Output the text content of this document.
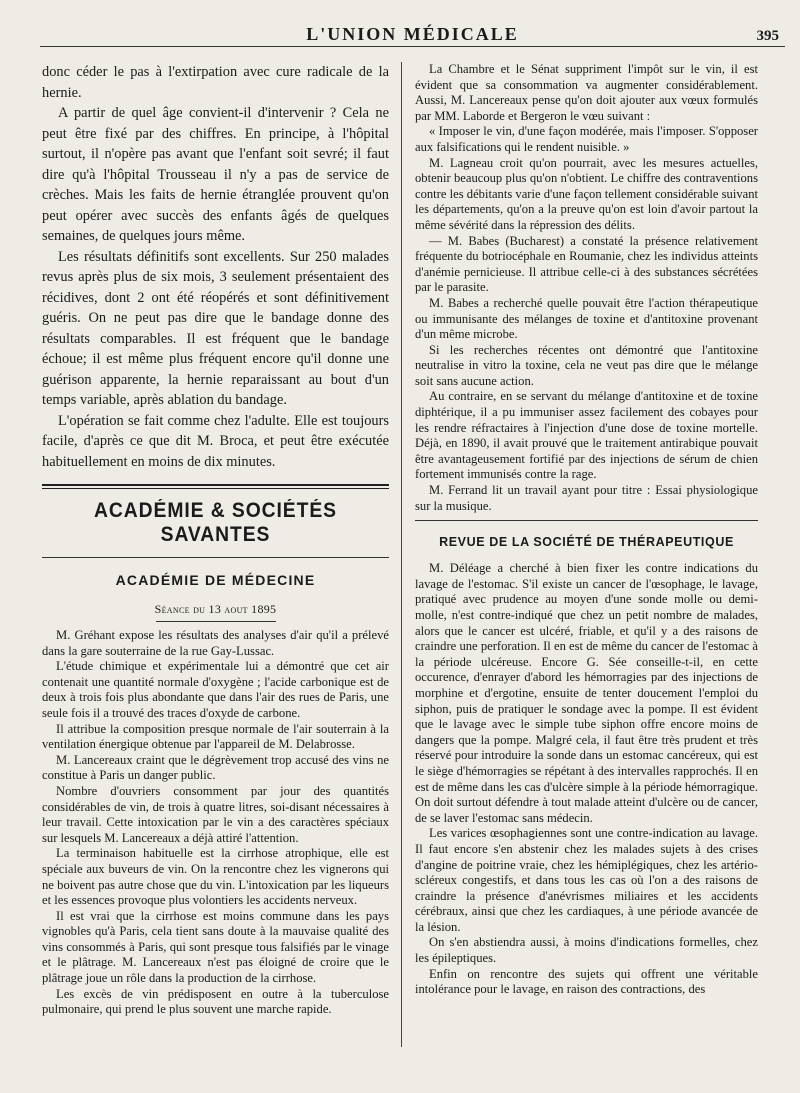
L'UNION MÉDICALE	395

donc céder le pas à l'extirpation avec cure radicale de la hernie.

A partir de quel âge convient-il d'intervenir ? Cela ne peut être fixé par des chiffres. En principe, à l'hôpital surtout, il n'opère pas avant que l'enfant soit sevré; il faut dire qu'à l'hôpital Trousseau il n'y a pas de service de crèches. Mais les faits de hernie étranglée prouvent qu'on peut opérer avec succès des enfants âgés de quelques semaines, de quelques jours même.

Les résultats définitifs sont excellents. Sur 250 malades revus après plus de six mois, 3 seulement présentaient des récidives, dont 2 ont été réopérés et sont définitivement guéris. On ne peut pas dire que le bandage donne des résultats comparables. Il est fréquent que le bandage échoue; il est même plus fréquent encore qu'il donne une guérison apparente, la hernie reparaissant au bout d'un temps variable, après ablation du bandage.

L'opération se fait comme chez l'adulte. Elle est toujours facile, d'après ce que dit M. Broca, et peut être exécutée habituellement en moins de dix minutes.

ACADÉMIE & SOCIÉTÉS SAVANTES
ACADÉMIE DE MÉDECINE
Séance du 13 aout 1895

M. Gréhant expose les résultats des analyses d'air qu'il a prélevé dans la gare souterraine de la rue Gay-Lussac.

L'étude chimique et expérimentale lui a démontré que cet air contenait une quantité normale d'oxygène ; l'acide carbonique est de deux à trois fois plus abondante que dans l'air des rues de Paris, une seule fois il a trouvé des traces d'oxyde de carbone.

Il attribue la composition presque normale de l'air souterrain à la ventilation énergique obtenue par l'appareil de M. Delabrosse.

M. Lancereaux craint que le dégrèvement trop accusé des vins ne constitue à Paris un danger public.

Nombre d'ouvriers consomment par jour des quantités considérables de vin, de trois à quatre litres, soi-disant nécessaires à leur travail. Cette intoxication par le vin a des caractères spéciaux sur lesquels M. Lancereaux a déjà attiré l'attention.

La terminaison habituelle est la cirrhose atrophique, elle est spéciale aux buveurs de vin. On la rencontre chez les vignerons qui ne boivent pas autre chose que du vin. L'intoxication par les liqueurs et les essences provoque plus volontiers les accidents nerveux.

Il est vrai que la cirrhose est moins commune dans les pays vignobles qu'à Paris, cela tient sans doute à la mauvaise qualité des vins consommés à Paris, qui sont presque tous falsifiés par le vinage et le plâtrage. M. Lancereaux n'est pas éloigné de croire que le plâtrage joue un rôle dans la production de la cirrhose.

Les excès de vin prédisposent en outre à la tuberculose pulmonaire, qui prend le plus souvent une marche rapide.

La Chambre et le Sénat suppriment l'impôt sur le vin, il est évident que sa consommation va augmenter considérablement. Aussi, M. Lancereaux pense qu'on doit ajouter aux vœux formulés par MM. Laborde et Bergeron le vœu suivant :

« Imposer le vin, d'une façon modérée, mais l'imposer. S'opposer aux falsifications qui le rendent nuisible. »

M. Lagneau croit qu'on pourrait, avec les mesures actuelles, obtenir beaucoup plus qu'on n'obtient. Le chiffre des contraventions contre les débitants varie d'une façon tellement considérable suivant les départements, qu'on a la preuve qu'on est loin d'avoir partout la même sévérité dans la répression des délits.

— M. Babes (Bucharest) a constaté la présence relativement fréquente du botriocéphale en Roumanie, chez les individus atteints d'anémie pernicieuse. Il attribue celle-ci à des substances sécrétées par le parasite.

M. Babes a recherché quelle pouvait être l'action thérapeutique ou immunisante des mélanges de toxine et d'antitoxine provenant d'un même microbe.

Si les recherches récentes ont démontré que l'antitoxine neutralise in vitro la toxine, cela ne veut pas dire que le mélange soit sans aucune action.

Au contraire, en se servant du mélange d'antitoxine et de toxine diphtérique, il a pu immuniser assez facilement des cobayes pour les rendre réfractaires à l'injection d'une dose de toxine mortelle. Déjà, en 1890, il avait prouvé que le traitement antirabique pouvait être avantageusement fortifié par des injections de sérum de chien fortement immunisés contre la rage.

M. Ferrand lit un travail ayant pour titre : Essai physiologique sur la musique.

REVUE DE LA SOCIÉTÉ DE THÉRAPEUTIQUE

M. Déléage a cherché à bien fixer les contre indications du lavage de l'estomac. S'il existe un cancer de l'œsophage, le lavage, pratiqué avec prudence au moyen d'une sonde molle ou demi-molle, n'est contre-indiqué que chez un petit nombre de malades, alors que le cancer est ulcéré, friable, et qu'il y a des raisons de craindre une perforation. Il en est de même du cancer de l'estomac à la période ulcéreuse. Encore G. Sée conseille-t-il, en cette occurence, d'enrayer d'abord les hémorragies par des injections de morphine et d'ergotine, ensuite de tenter doucement l'emploi du siphon, puis de pratiquer le sondage avec la pompe. Il est évident que le lavage avec le simple tube siphon offre encore moins de dangers que la pompe. Malgré cela, il faut être très prudent et très réservé pour introduire la sonde dans un estomac cancéreux, qui est le siège d'hémorragies se répétant à des intervalles rapprochés. Il en est de même dans les cas d'ulcère simple à la période hémorragique. On doit surtout défendre à tout malade atteint d'ulcère ou de cancer, de se laver l'estomac sans médecin.

Les varices œsophagiennes sont une contre-indication au lavage. Il faut encore s'en abstenir chez les malades sujets à des crises d'angine de poitrine vraie, chez les hémiplégiques, chez les artério-scléreux congestifs, et dans tous les cas où l'on a des raisons de craindre la présence d'anévrismes miliaires et les accidents cérébraux, ainsi que chez les cardiaques, à une période avancée de la lésion.

On s'en abstiendra aussi, à moins d'indications formelles, chez les épileptiques.

Enfin on rencontre des sujets qui offrent une véritable intolérance pour le lavage, en raison des contractions, des
